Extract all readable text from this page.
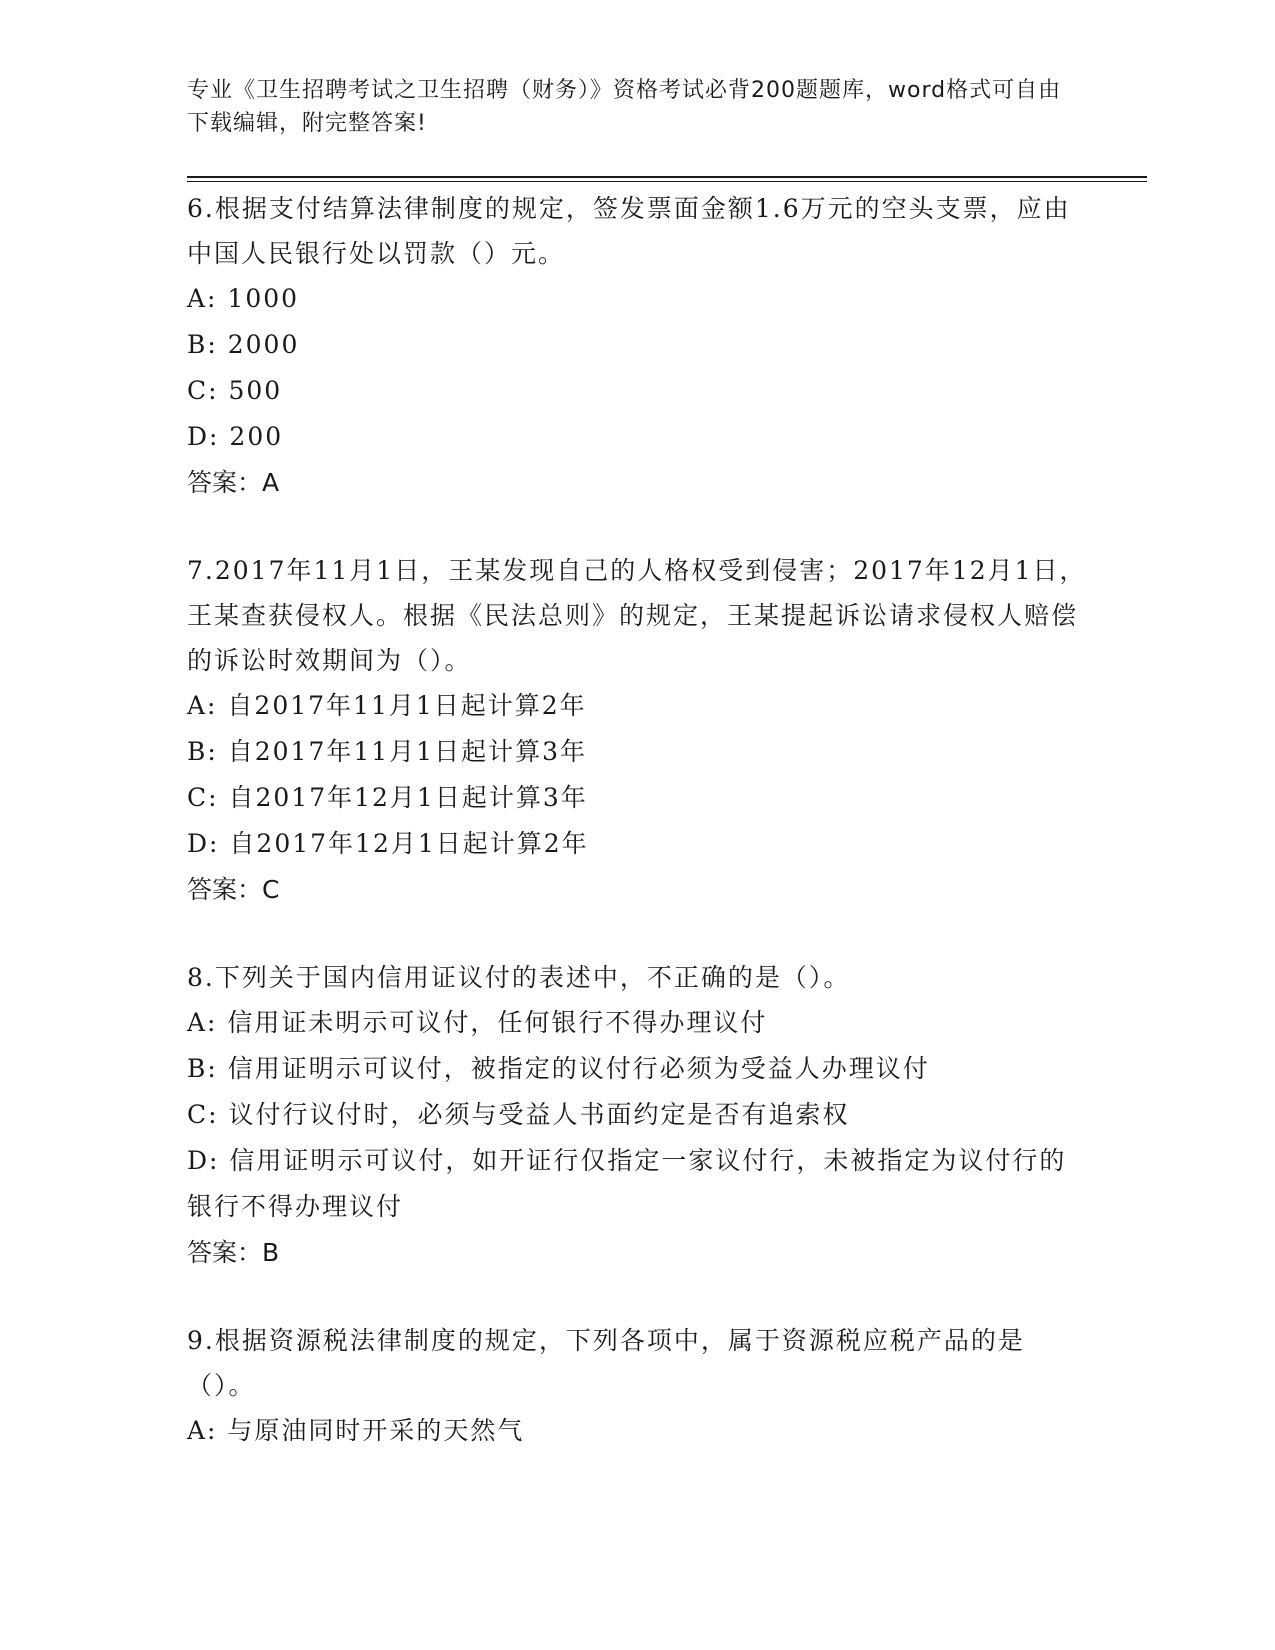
专业《卫生招聘考试之卫生招聘（财务）》资格考试必背200题题库，word格式可自由下载编辑，附完整答案!
6.根据支付结算法律制度的规定，签发票面金额1.6万元的空头支票，应由中国人民银行处以罚款（）元。
A: 1000
B: 2000
C: 500
D: 200
答案：A
7.2017年11月1日，王某发现自己的人格权受到侵害；2017年12月1日，王某查获侵权人。根据《民法总则》的规定，王某提起诉讼请求侵权人赔偿的诉讼时效期间为（）。
A: 自2017年11月1日起计算2年
B: 自2017年11月1日起计算3年
C: 自2017年12月1日起计算3年
D: 自2017年12月1日起计算2年
答案：C
8.下列关于国内信用证议付的表述中，不正确的是（）。
A: 信用证未明示可议付，任何银行不得办理议付
B: 信用证明示可议付，被指定的议付行必须为受益人办理议付
C: 议付行议付时，必须与受益人书面约定是否有追索权
D: 信用证明示可议付，如开证行仅指定一家议付行，未被指定为议付行的银行不得办理议付
答案：B
9.根据资源税法律制度的规定，下列各项中，属于资源税应税产品的是（）。
A: 与原油同时开采的天然气
